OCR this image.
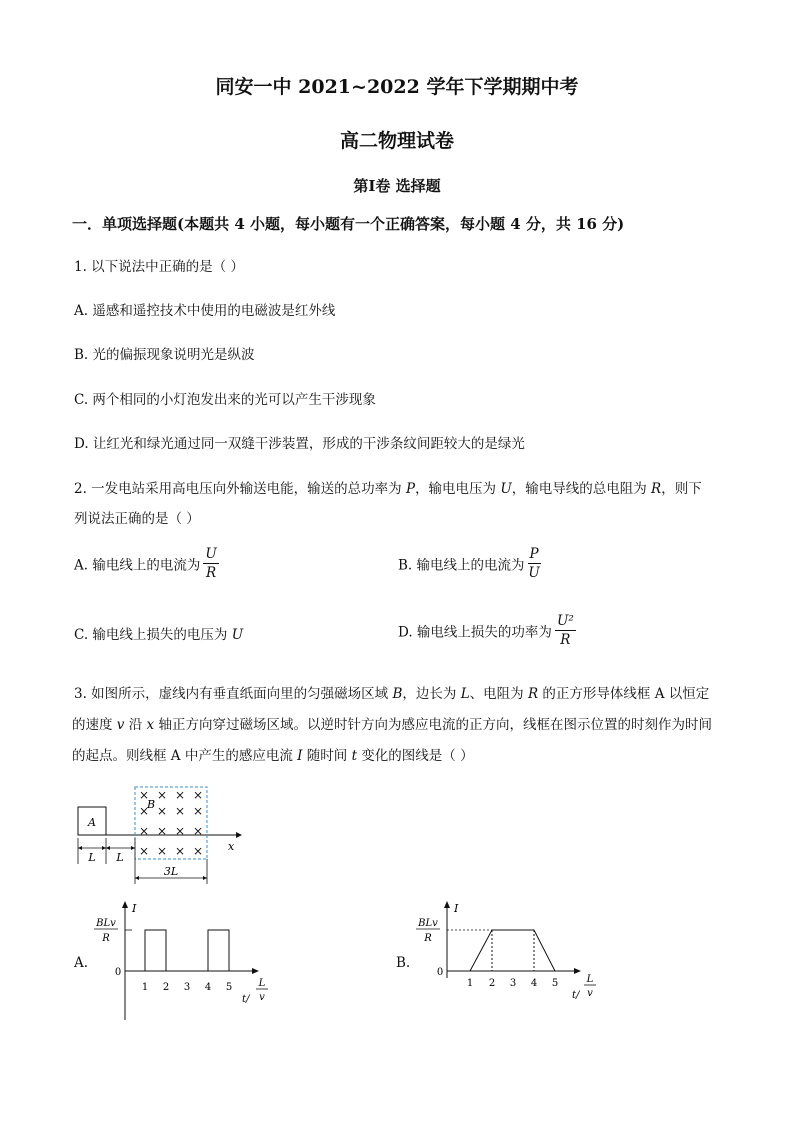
同安一中 2021~2022 学年下学期期中考
高二物理试卷
第Ⅰ卷 选择题
一．单项选择题(本题共 4 小题，每小题有一个正确答案，每小题 4 分，共 16 分)
1. 以下说法中正确的是（ ）
A. 遥感和遥控技术中使用的电磁波是红外线
B. 光的偏振现象说明光是纵波
C. 两个相同的小灯泡发出来的光可以产生干涉现象
D. 让红光和绿光通过同一双缝干涉装置，形成的干涉条纹间距较大的是绿光
2. 一发电站采用高电压向外输送电能，输送的总功率为 P，输电电压为 U，输电导线的总电阻为 R，则下
列说法正确的是（ ）
A. 输电线上的电流为 $\frac{U}{R}$	B. 输电线上的电流为 $\frac{P}{U}$
C. 输电线上损失的电压为 U	D. 输电线上损失的功率为 $\frac{\text{U²}}{R}$
3. 如图所示，虚线内有垂直纸面向里的匀强磁场区域 B，边长为 L、电阻为 R 的正方形导体线框 A 以恒定
的速度 v 沿 x 轴正方向穿过磁场区域。以逆时针方向为感应电流的正方向，线框在图示位置的时刻作为时间
的起点。则线框 A 中产生的感应电流 I 随时间 t 变化的图线是（ ）
A
x
× × × ×
× × × ×
× × × ×
× × × ×
B
L L
3L
A.
I
BLv
R
0
1 2 3 4 5
t/
L
v
B.
I
BLv
R
0
1 2 3 4 5
t/
L
v
